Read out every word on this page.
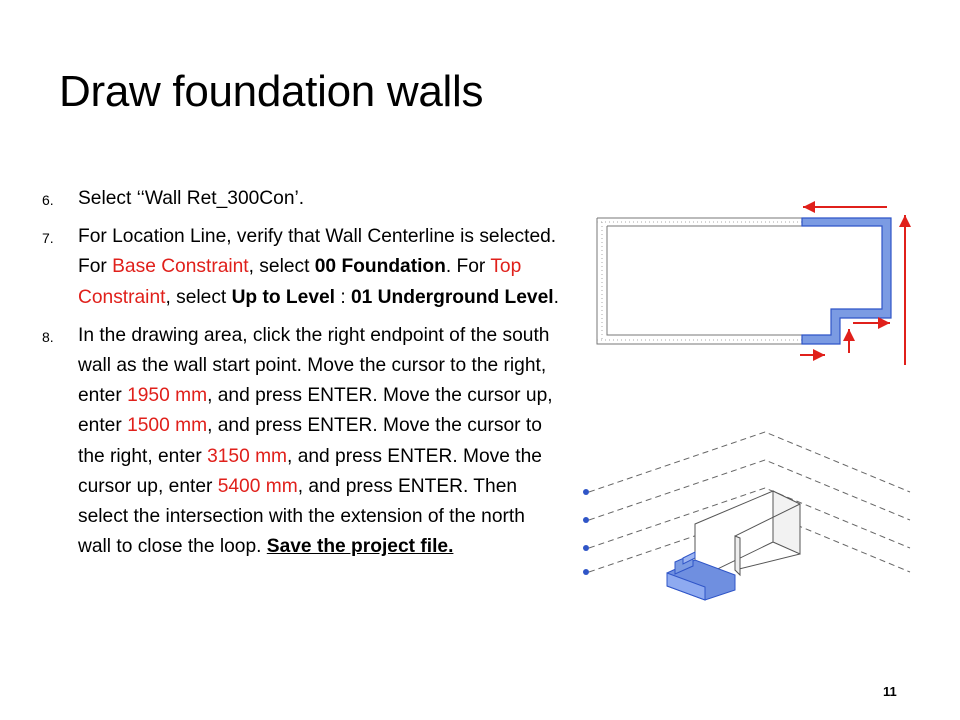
Draw foundation walls
6. Select ‘‘Wall Ret_300Con’.
7. For Location Line, verify that Wall Centerline is selected. For Base Constraint, select 00 Foundation. For Top Constraint, select Up to Level : 01 Underground Level.
8. In the drawing area, click the right endpoint of the south wall as the wall start point. Move the cursor to the right, enter 1950 mm, and press ENTER. Move the cursor up, enter 1500 mm, and press ENTER. Move the cursor to the right, enter 3150 mm, and press ENTER. Move the cursor up, enter 5400 mm, and press ENTER. Then select the intersection with the extension of the north wall to close the loop. Save the project file.
11
